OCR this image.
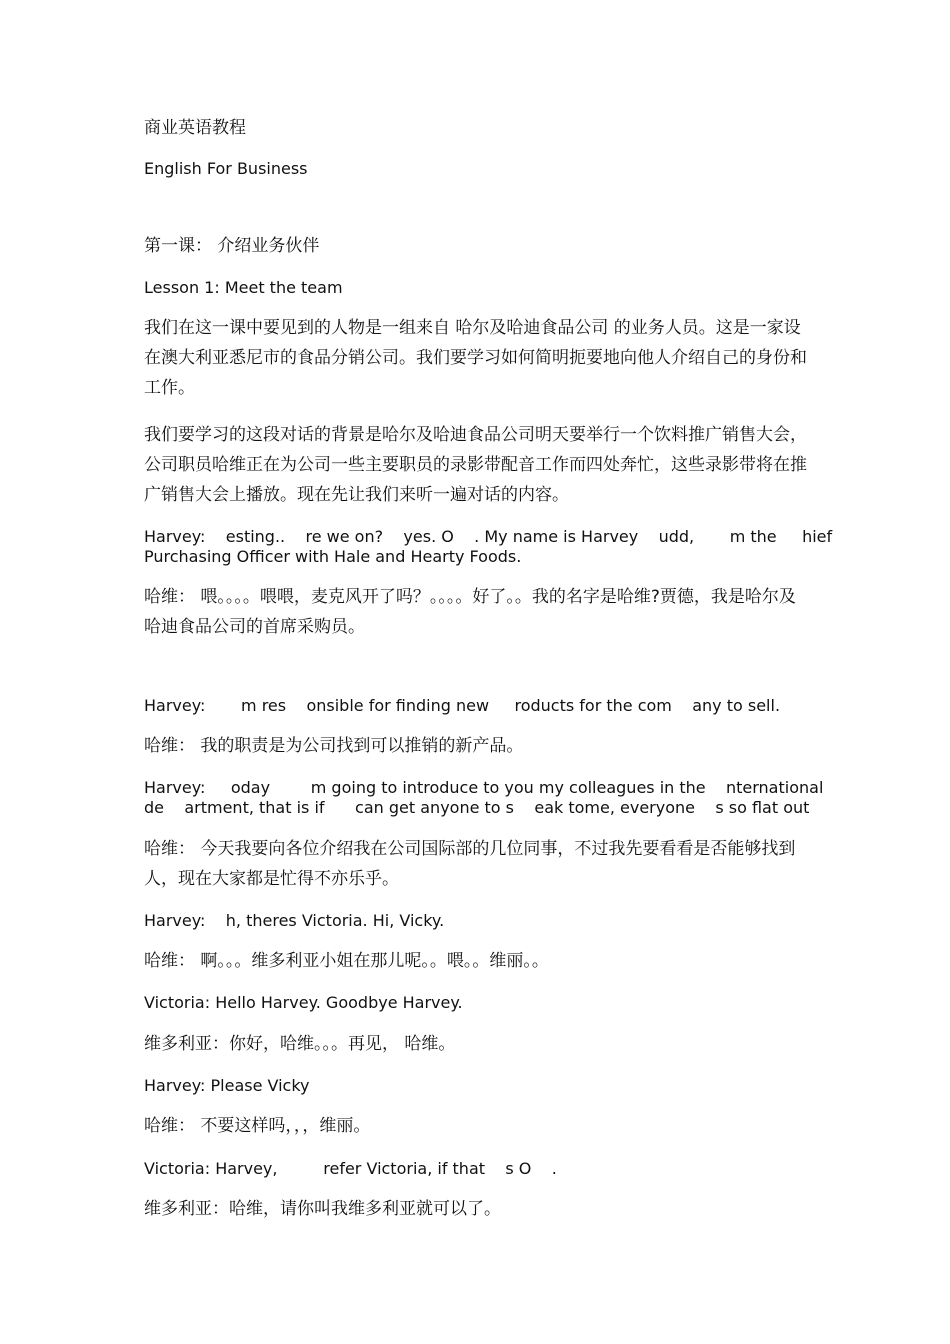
商业英语教程

English For Business

第一课： 介绍业务伙伴

Lesson 1: Meet the team

我们在这一课中要见到的人物是一组来自 哈尔及哈迪食品公司 的业务人员。这是一家设在澳大利亚悉尼市的食品分销公司。我们要学习如何简明扼要地向他人介绍自己的身份和工作。

我们要学习的这段对话的背景是哈尔及哈迪食品公司明天要举行一个饮料推广销售大会，公司职员哈维正在为公司一些主要职员的录影带配音工作而四处奔忙，这些录影带将在推广销售大会上播放。现在先让我们来听一遍对话的内容。

Harvey:    esting..    re we on?    yes. O    . My name is Harvey    udd,       m the     hief

Purchasing Officer with Hale and Hearty Foods.

哈维： 喂。。。。喂喂，麦克风开了吗？。。。。好了。。我的名字是哈维?贾德，我是哈尔及哈迪食品公司的首席采购员。

Harvey:       m res    onsible for finding new     roducts for the com    any to sell.

哈维： 我的职责是为公司找到可以推销的新产品。

Harvey:     oday        m going to introduce to you my colleagues in the    nternational

de    artment, that is if      can get anyone to s    eak tome, everyone    s so flat out

哈维： 今天我要向各位介绍我在公司国际部的几位同事，不过我先要看看是否能够找到人，现在大家都是忙得不亦乐乎。

Harvey:    h, theres Victoria. Hi, Vicky.

哈维： 啊。。。维多利亚小姐在那儿呢。。喂。。维丽。。

Victoria: Hello Harvey. Goodbye Harvey.

维多利亚：你好，哈维。。。再见， 哈维。

Harvey: Please Vicky

哈维： 不要这样吗，，，维丽。

Victoria: Harvey,         refer Victoria, if that    s O    .

维多利亚：哈维，请你叫我维多利亚就可以了。
